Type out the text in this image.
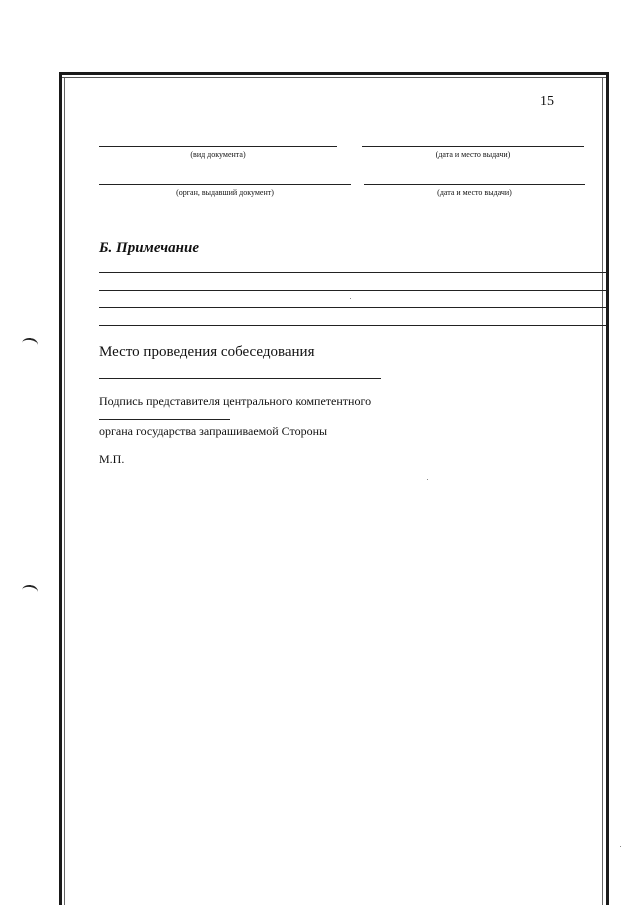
15
(вид документа)	(дата и место выдачи)
(орган, выдавший документ)	(дата и место выдачи)
Б. Примечание
Место проведения собеседования
Подпись представителя центрального компетентного
органа государства запрашиваемой Стороны
М.П.
